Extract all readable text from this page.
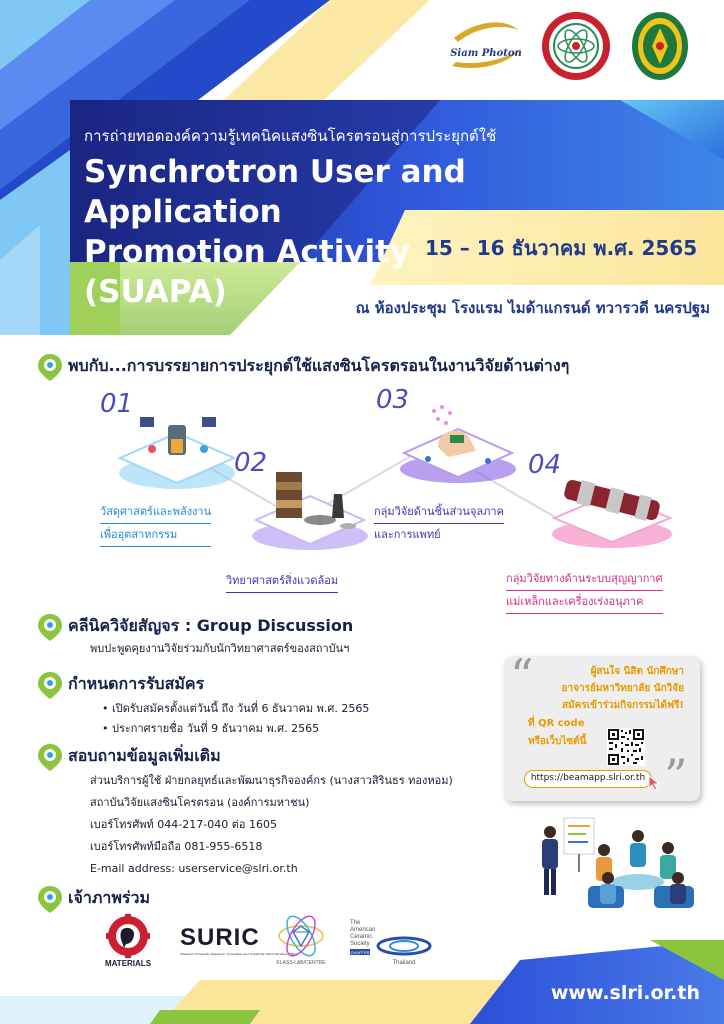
Siam Photon
การถ่ายทอดองค์ความรู้เทคนิคแสงซินโครตรอนสู่การประยุกต์ใช้
Synchrotron User and Application
Promotion Activity
(SUAPA)
15 – 16 ธันวาคม พ.ศ. 2565
ณ ห้องประชุม โรงแรม ไมด้าแกรนด์ ทวารวดี นครปฐม
พบกับ...การบรรยายการประยุกต์ใช้แสงซินโครตรอนในงานวิจัยด้านต่างๆ
01
วัสดุศาสตร์และพลังงาน
เพื่ออุตสาหกรรม
02
วิทยาศาสตร์สิ่งแวดล้อม
03
กลุ่มวิจัยด้านชิ้นส่วนจุลภาค
และการแพทย์
04
กลุ่มวิจัยทางด้านระบบสุญญากาศ
แม่เหล็กและเครื่องเร่งอนุภาค
คลีนิควิจัยสัญจร : Group Discussion
พบปะพูดคุยงานวิจัยร่วมกับนักวิทยาศาสตร์ของสถาบันฯ
กำหนดการรับสมัคร
• เปิดรับสมัครตั้งแต่วันนี้ ถึง วันที่ 6 ธันวาคม พ.ศ. 2565
• ประกาศรายชื่อ วันที่ 9 ธันวาคม พ.ศ. 2565
สอบถามข้อมูลเพิ่มเติม
ส่วนบริการผู้ใช้ ฝ่ายกลยุทธ์และพัฒนาธุรกิจองค์กร (นางสาวสิรินธร ทองหอม)
สถาบันวิจัยแสงซินโครตรอน (องค์การมหาชน)
เบอร์โทรศัพท์ 044-217-040 ต่อ 1605
เบอร์โทรศัพท์มือถือ 081-955-6518
E-mail address: userservice@slri.or.th
“	ผู้สนใจ นิสิต นักศึกษา
อาจารย์มหาวิทยาลัย นักวิจัย
สมัครเข้าร่วมกิจกรรมได้ฟรี!
ที่ QR code
หรือเว็บไซต์นี้
https://beamapp.slri.or.th ”
เจ้าภาพร่วม
MATERIALS
SURIC
Silpakorn University Research, Innovation and Creativity Administration Office
KLASS-LAB/CENTRE
The
American
Ceramic
Society
CHAPTER
Thailand
www.slri.or.th
